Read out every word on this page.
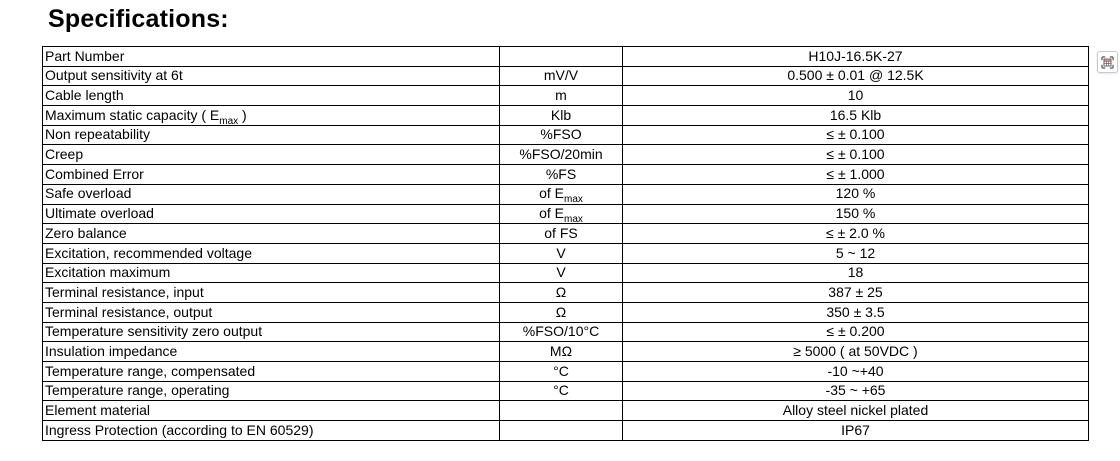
Specifications:
Part Number		H10J-16.5K-27
Output sensitivity at 6t	mV/V	0.500 ± 0.01 @ 12.5K
Cable length	m	10
Maximum static capacity ( $E_{max}$ )	Klb	16.5 Klb
Non repeatability	%FSO	≤ ± 0.100
Creep	%FSO/20min	≤ ± 0.100
Combined Error	%FS	≤ ± 1.000
Safe overload	of $E_{max}$	120 %
Ultimate overload	of $E_{max}$	150 %
Zero balance	of FS	≤ ± 2.0 %
Excitation, recommended voltage	V	5 ~ 12
Excitation maximum	V	18
Terminal resistance, input	Ω	387 ± 25
Terminal resistance, output	Ω	350 ± 3.5
Temperature sensitivity zero output	%FSO/10°C	≤ ± 0.200
Insulation impedance	MΩ	≥ 5000 ( at 50VDC )
Temperature range, compensated	°C	-10 ~+40
Temperature range, operating	°C	-35 ~ +65
Element material		Alloy steel nickel plated
Ingress Protection (according to EN 60529)		IP67
